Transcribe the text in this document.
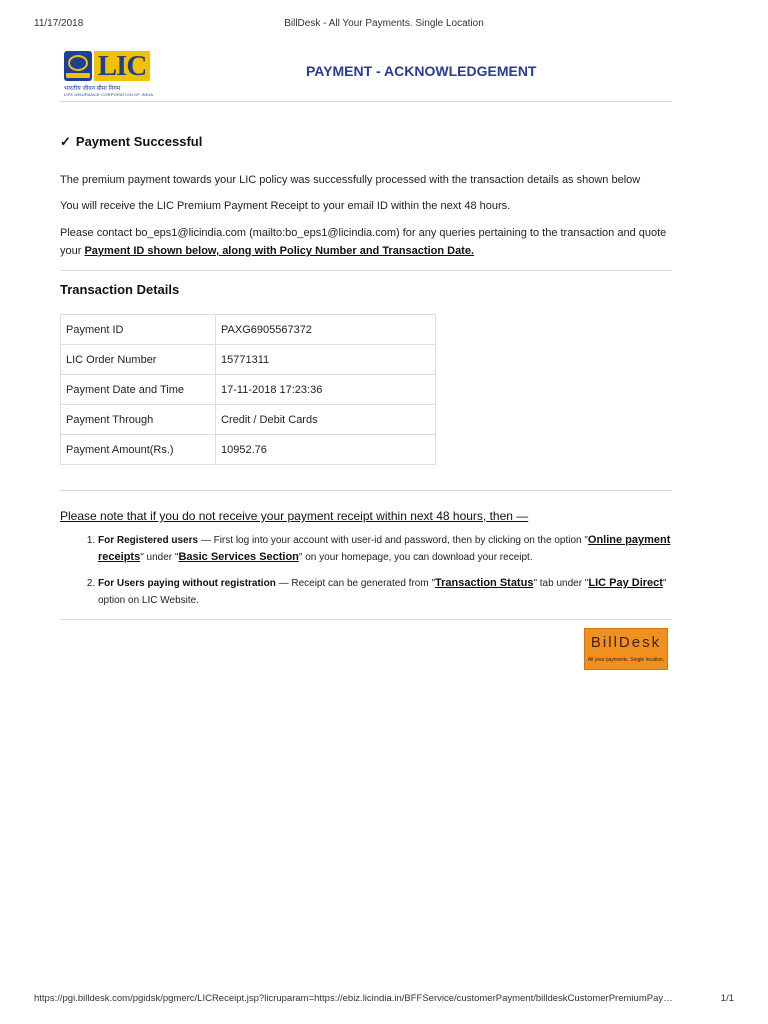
11/17/2018	BillDesk - All Your Payments. Single Location
LIC
भारतीय जीवन बीमा निगम
LIFE INSURANCE CORPORATION OF INDIA
PAYMENT - ACKNOWLEDGEMENT
✓ Payment Successful

The premium payment towards your LIC policy was successfully processed with the transaction details as shown below

You will receive the LIC Premium Payment Receipt to your email ID within the next 48 hours.

Please contact bo_eps1@licindia.com (mailto:bo_eps1@licindia.com) for any queries pertaining to the transaction and quote your Payment ID shown below, along with Policy Number and Transaction Date.

Transaction Details
Payment ID	PAXG6905567372
LIC Order Number	15771311
Payment Date and Time	17-11-2018 17:23:36
Payment Through	Credit / Debit Cards
Payment Amount(Rs.)	10952.76
Please note that if you do not receive your payment receipt within next 48 hours, then —
1. For Registered users — First log into your account with user-id and password, then by clicking on the option "Online payment receipts" under "Basic Services Section" on your homepage, you can download your receipt.
2. For Users paying without registration — Receipt can be generated from "Transaction Status" tab under "LIC Pay Direct" option on LIC Website.
BillDesk
All your payments. Single location.
https://pgi.billdesk.com/pgidsk/pgmerc/LICReceipt.jsp?licruparam=https://ebiz.licindia.in/BFFService/customerPayment/billdeskCustomerPremiumPay…	1/1
